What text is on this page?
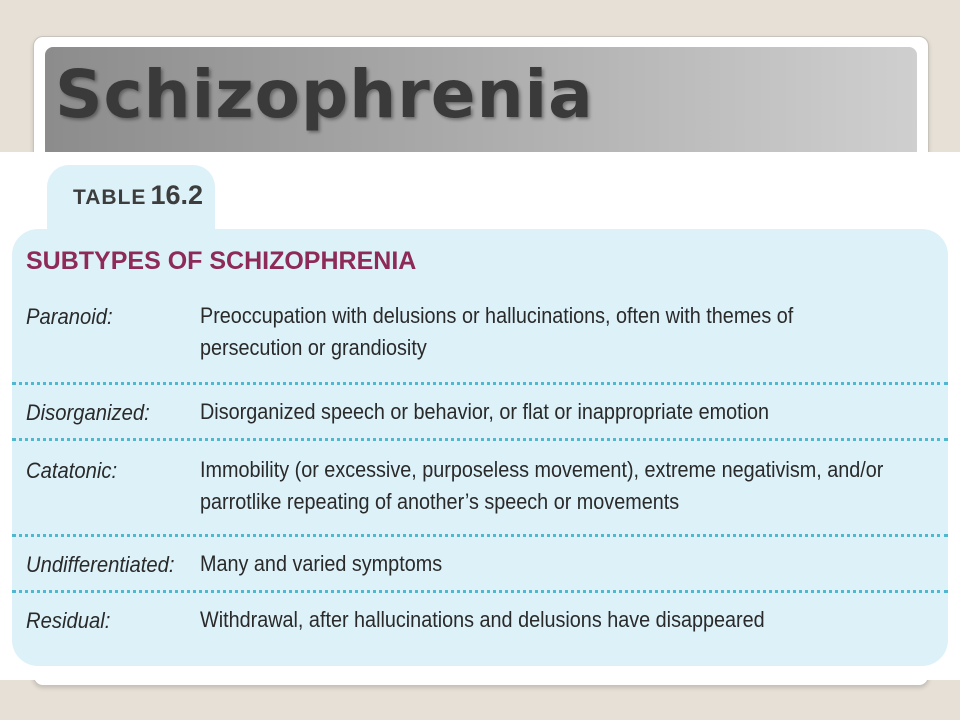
Schizophrenia
TABLE 16.2
SUBTYPES OF SCHIZOPHRENIA
Paranoid:	Preoccupation with delusions or hallucinations, often with themes of persecution or grandiosity
Disorganized: Disorganized speech or behavior, or flat or inappropriate emotion
Catatonic:	Immobility (or excessive, purposeless movement), extreme negativism, and/or parrotlike repeating of another’s speech or movements
Undifferentiated: Many and varied symptoms
Residual:	Withdrawal, after hallucinations and delusions have disappeared
